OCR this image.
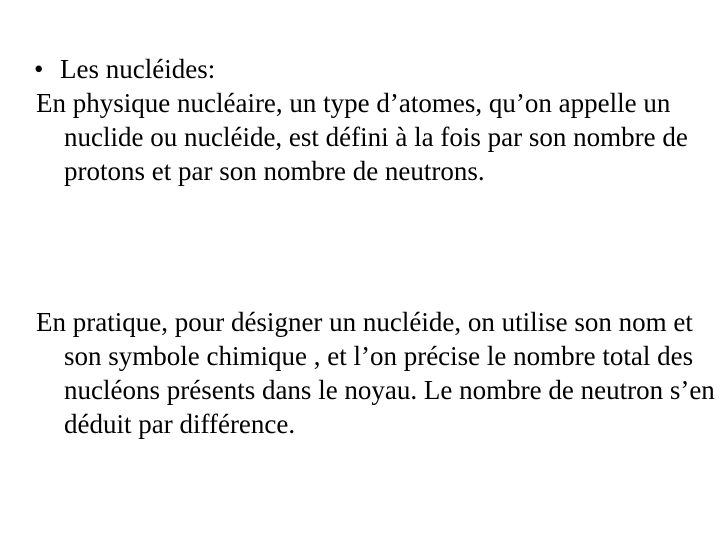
• Les nucléides:
En physique nucléaire, un type d’atomes, qu’on appelle un nuclide ou nucléide, est défini à la fois par son nombre de protons et par son nombre de neutrons.
En pratique, pour désigner un nucléide, on utilise son nom et son symbole chimique , et l’on précise le nombre total des nucléons présents dans le noyau. Le nombre de neutron s’en déduit par différence.
